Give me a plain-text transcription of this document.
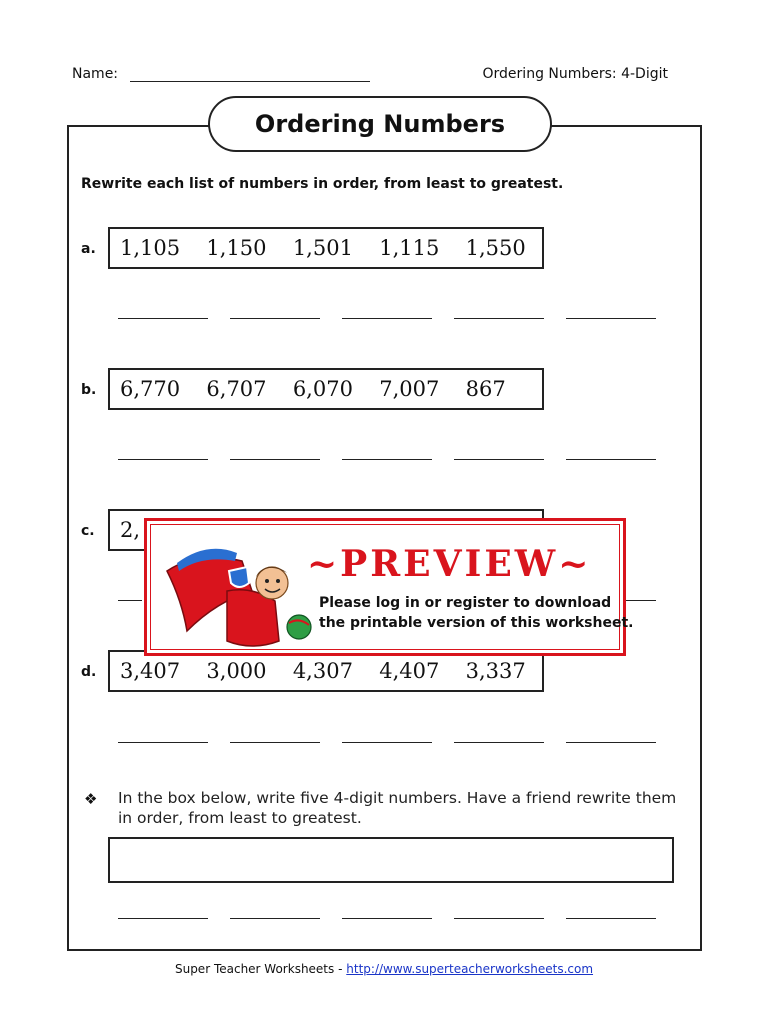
Name:	Ordering Numbers: 4-Digit
Ordering Numbers
Rewrite each list of numbers in order, from least to greatest.
a.	1,105	1,150	1,501	1,115	1,550
b.	6,770	6,707	6,070	7,007	867
c.	2,
d.	3,407	3,000	4,307	4,407	3,337
❖ In the box below, write five 4-digit numbers. Have a friend rewrite them in order, from least to greatest.
Super Teacher Worksheets - http://www.superteacherworksheets.com
~PREVIEW~
Please log in or register to download
the printable version of this worksheet.
